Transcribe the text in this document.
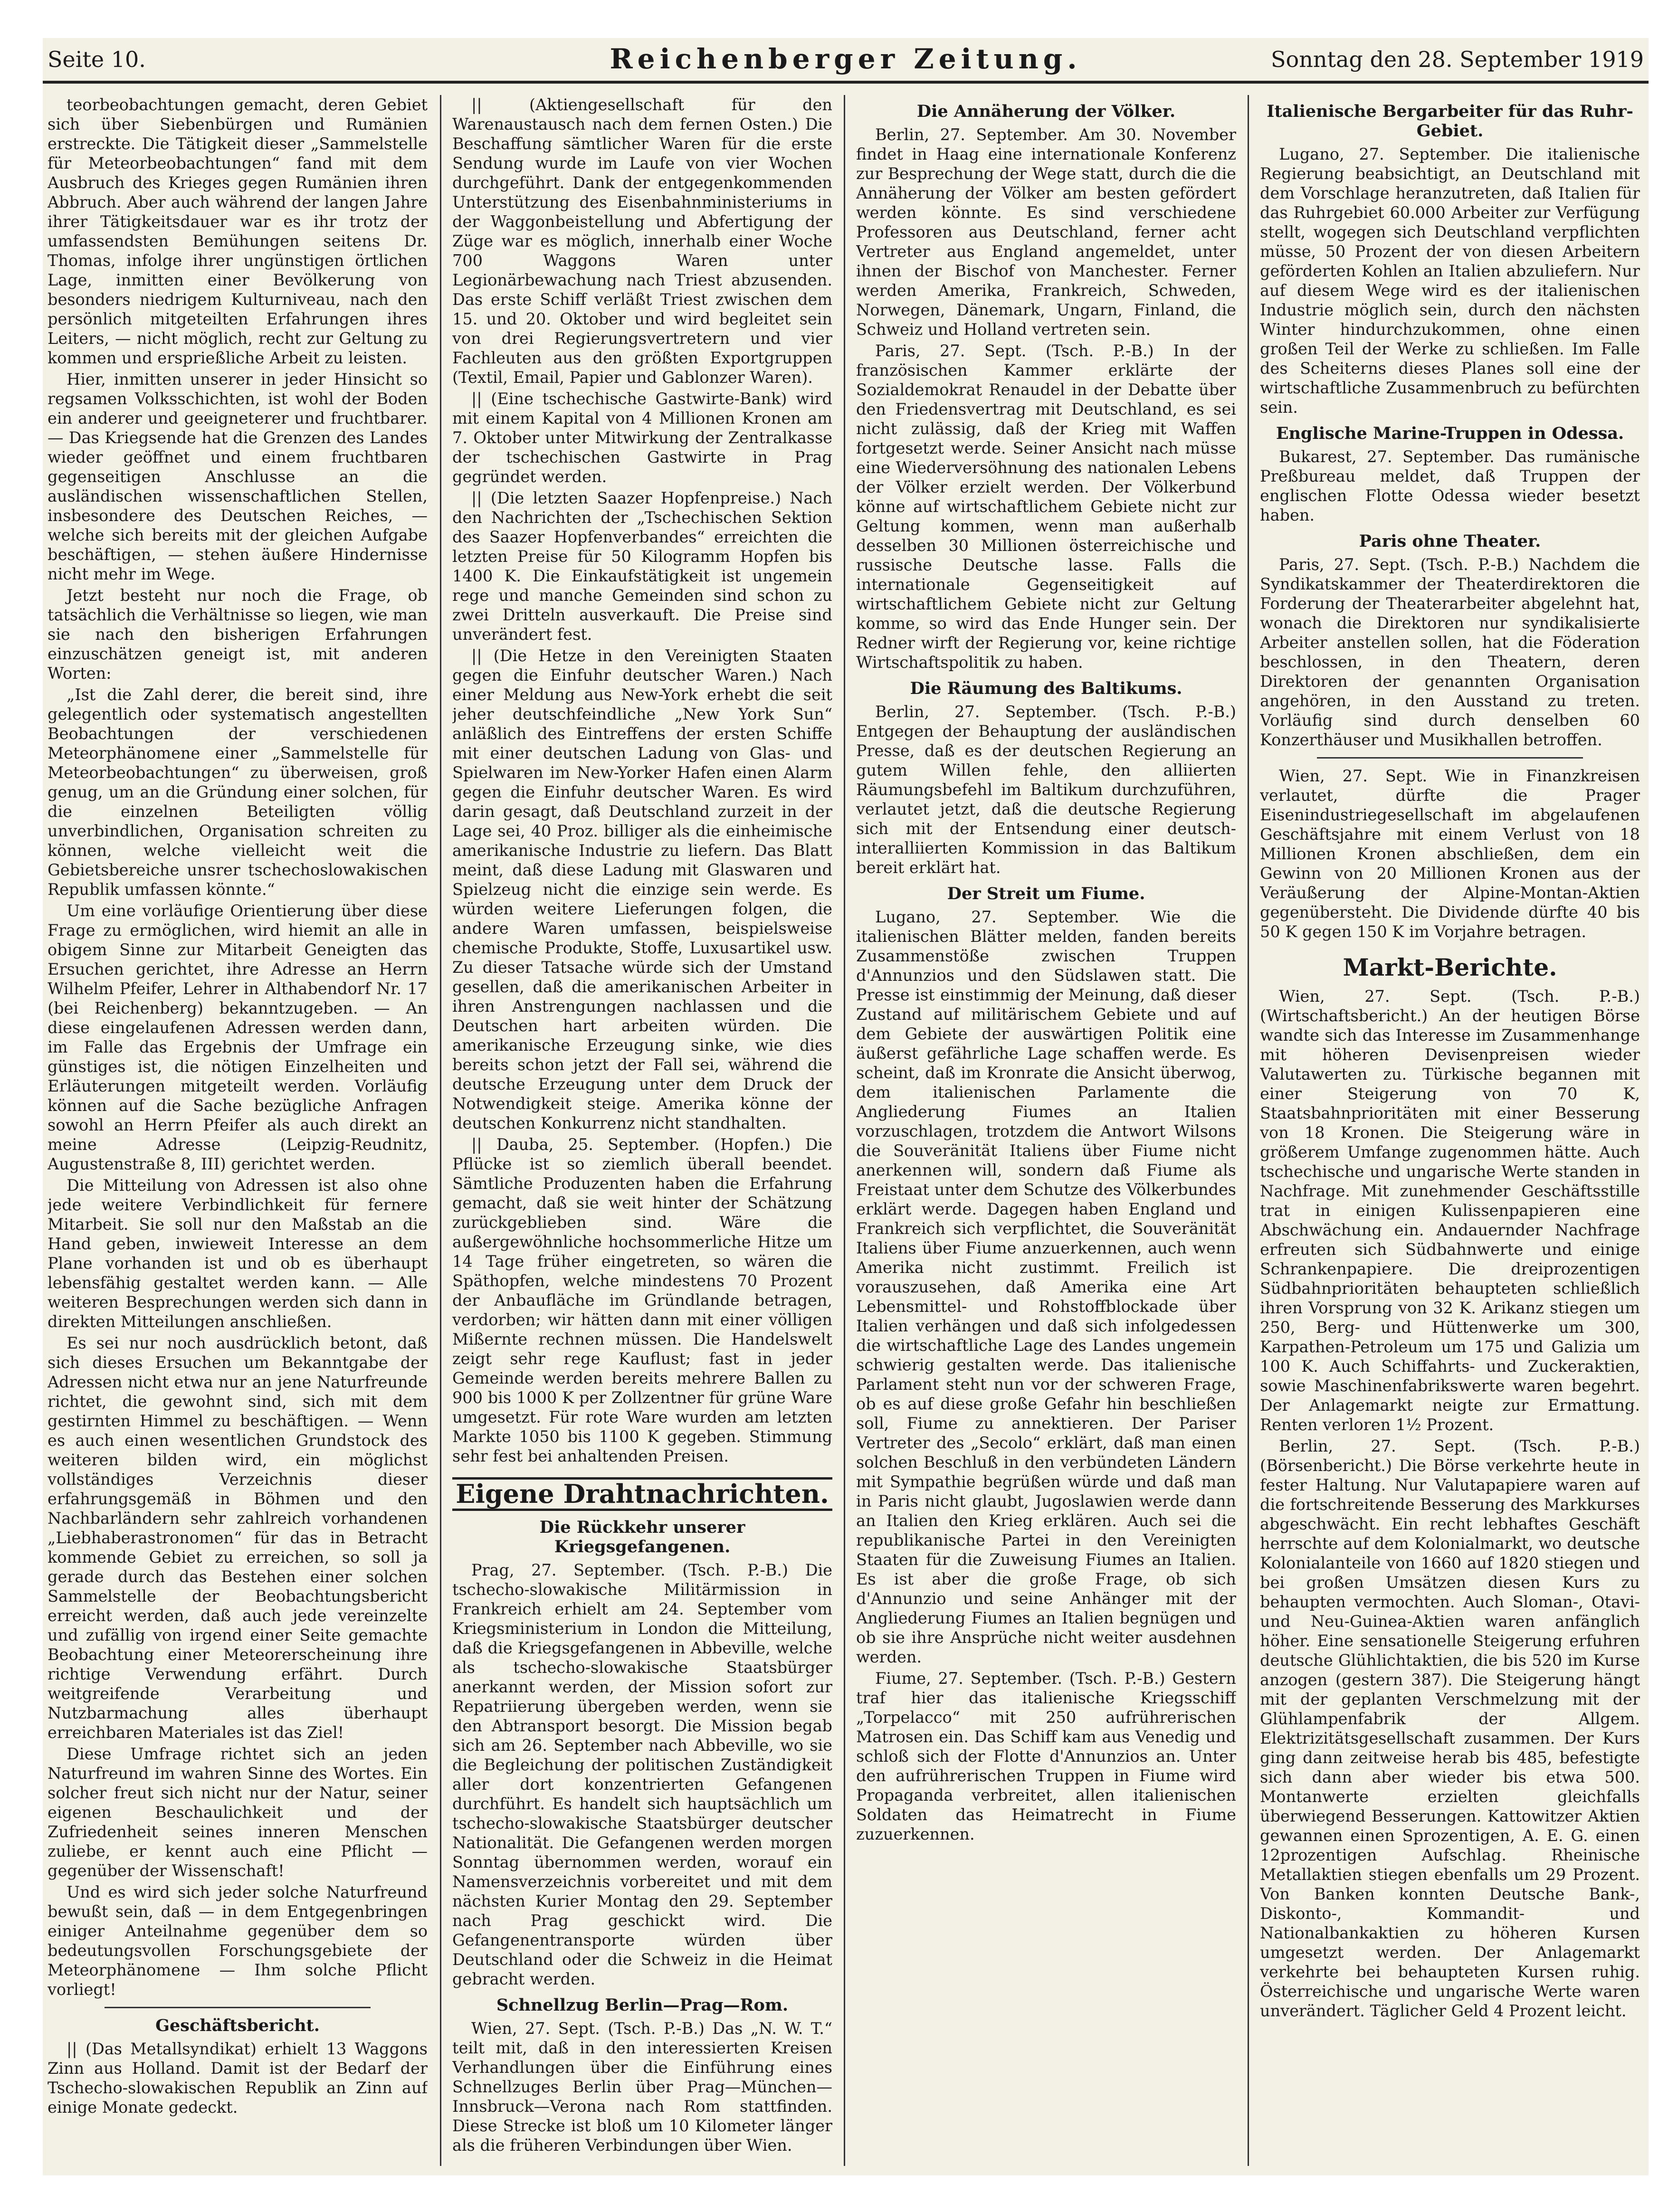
Seite 10.	Reichenberger Zeitung.	Sonntag den 28. September 1919

teorbeobachtungen gemacht, deren Gebiet sich über Siebenbürgen und Rumänien erstreckte. Die Tätigkeit dieser „Sammelstelle für Meteorbeobachtungen“ fand mit dem Ausbruch des Krieges gegen Rumänien ihren Abbruch. Aber auch während der langen Jahre ihrer Tätigkeitsdauer war es ihr trotz der umfassendsten Bemühungen seitens Dr. Thomas, infolge ihrer ungünstigen örtlichen Lage, inmitten einer Bevölkerung von besonders niedrigem Kulturniveau, nach den persönlich mitgeteilten Erfahrungen ihres Leiters, — nicht möglich, recht zur Geltung zu kommen und ersprießliche Arbeit zu leisten.

Hier, inmitten unserer in jeder Hinsicht so regsamen Volksschichten, ist wohl der Boden ein anderer und geeigneterer und fruchtbarer. — Das Kriegsende hat die Grenzen des Landes wieder geöffnet und einem fruchtbaren gegenseitigen Anschlusse an die ausländischen wissenschaftlichen Stellen, insbesondere des Deutschen Reiches, — welche sich bereits mit der gleichen Aufgabe beschäftigen, — stehen äußere Hindernisse nicht mehr im Wege.

Jetzt besteht nur noch die Frage, ob tatsächlich die Verhältnisse so liegen, wie man sie nach den bisherigen Erfahrungen einzuschätzen geneigt ist, mit anderen Worten:

„Ist die Zahl derer, die bereit sind, ihre gelegentlich oder systematisch angestellten Beobachtungen der verschiedenen Meteorphänomene einer „Sammelstelle für Meteorbeobachtungen“ zu überweisen, groß genug, um an die Gründung einer solchen, für die einzelnen Beteiligten völlig unverbindlichen, Organisation schreiten zu können, welche vielleicht weit die Gebietsbereiche unsrer tschechoslowakischen Republik umfassen könnte.“

Um eine vorläufige Orientierung über diese Frage zu ermöglichen, wird hiemit an alle in obigem Sinne zur Mitarbeit Geneigten das Ersuchen gerichtet, ihre Adresse an Herrn Wilhelm Pfeifer, Lehrer in Althabendorf Nr. 17 (bei Reichenberg) bekanntzugeben. — An diese eingelaufenen Adressen werden dann, im Falle das Ergebnis der Umfrage ein günstiges ist, die nötigen Einzelheiten und Erläuterungen mitgeteilt werden. Vorläufig können auf die Sache bezügliche Anfragen sowohl an Herrn Pfeifer als auch direkt an meine Adresse (Leipzig-Reudnitz, Augustenstraße 8, III) gerichtet werden.

Die Mitteilung von Adressen ist also ohne jede weitere Verbindlichkeit für fernere Mitarbeit. Sie soll nur den Maßstab an die Hand geben, inwieweit Interesse an dem Plane vorhanden ist und ob es überhaupt lebensfähig gestaltet werden kann. — Alle weiteren Besprechungen werden sich dann in direkten Mitteilungen anschließen.

Es sei nur noch ausdrücklich betont, daß sich dieses Ersuchen um Bekanntgabe der Adressen nicht etwa nur an jene Naturfreunde richtet, die gewohnt sind, sich mit dem gestirnten Himmel zu beschäftigen. — Wenn es auch einen wesentlichen Grundstock des weiteren bilden wird, ein möglichst vollständiges Verzeichnis dieser erfahrungsgemäß in Böhmen und den Nachbarländern sehr zahlreich vorhandenen „Liebhaberastronomen“ für das in Betracht kommende Gebiet zu erreichen, so soll ja gerade durch das Bestehen einer solchen Sammelstelle der Beobachtungsbericht erreicht werden, daß auch jede vereinzelte und zufällig von irgend einer Seite gemachte Beobachtung einer Meteorerscheinung ihre richtige Verwendung erfährt. Durch weitgreifende Verarbeitung und Nutzbarmachung alles überhaupt erreichbaren Materiales ist das Ziel!

Diese Umfrage richtet sich an jeden Naturfreund im wahren Sinne des Wortes. Ein solcher freut sich nicht nur der Natur, seiner eigenen Beschaulichkeit und der Zufriedenheit seines inneren Menschen zuliebe, er kennt auch eine Pflicht — gegenüber der Wissenschaft!

Und es wird sich jeder solche Naturfreund bewußt sein, daß — in dem Entgegenbringen einiger Anteilnahme gegenüber dem so bedeutungsvollen Forschungsgebiete der Meteorphänomene — Ihm solche Pflicht vorliegt!

Geschäftsbericht.

|| (Das Metallsyndikat) erhielt 13 Waggons Zinn aus Holland. Damit ist der Bedarf der Tschecho-slowakischen Republik an Zinn auf einige Monate gedeckt.

|| (Aktiengesellschaft für den Warenaustausch nach dem fernen Osten.) Die Beschaffung sämtlicher Waren für die erste Sendung wurde im Laufe von vier Wochen durchgeführt. Dank der entgegenkommenden Unterstützung des Eisenbahnministeriums in der Waggonbeistellung und Abfertigung der Züge war es möglich, innerhalb einer Woche 700 Waggons Waren unter Legionärbewachung nach Triest abzusenden. Das erste Schiff verläßt Triest zwischen dem 15. und 20. Oktober und wird begleitet sein von drei Regierungsvertretern und vier Fachleuten aus den größten Exportgruppen (Textil, Email, Papier und Gablonzer Waren).

|| (Eine tschechische Gastwirte-Bank) wird mit einem Kapital von 4 Millionen Kronen am 7. Oktober unter Mitwirkung der Zentralkasse der tschechischen Gastwirte in Prag gegründet werden.

|| (Die letzten Saazer Hopfenpreise.) Nach den Nachrichten der „Tschechischen Sektion des Saazer Hopfenverbandes“ erreichten die letzten Preise für 50 Kilogramm Hopfen bis 1400 K. Die Einkaufstätigkeit ist ungemein rege und manche Gemeinden sind schon zu zwei Dritteln ausverkauft. Die Preise sind unverändert fest.

|| (Die Hetze in den Vereinigten Staaten gegen die Einfuhr deutscher Waren.) Nach einer Meldung aus New-York erhebt die seit jeher deutschfeindliche „New York Sun“ anläßlich des Eintreffens der ersten Schiffe mit einer deutschen Ladung von Glas- und Spielwaren im New-Yorker Hafen einen Alarm gegen die Einfuhr deutscher Waren. Es wird darin gesagt, daß Deutschland zurzeit in der Lage sei, 40 Proz. billiger als die einheimische amerikanische Industrie zu liefern. Das Blatt meint, daß diese Ladung mit Glaswaren und Spielzeug nicht die einzige sein werde. Es würden weitere Lieferungen folgen, die andere Waren umfassen, beispielsweise chemische Produkte, Stoffe, Luxusartikel usw. Zu dieser Tatsache würde sich der Umstand gesellen, daß die amerikanischen Arbeiter in ihren Anstrengungen nachlassen und die Deutschen hart arbeiten würden. Die amerikanische Erzeugung sinke, wie dies bereits schon jetzt der Fall sei, während die deutsche Erzeugung unter dem Druck der Notwendigkeit steige. Amerika könne der deutschen Konkurrenz nicht standhalten.

|| Dauba, 25. September. (Hopfen.) Die Pflücke ist so ziemlich überall beendet. Sämtliche Produzenten haben die Erfahrung gemacht, daß sie weit hinter der Schätzung zurückgeblieben sind. Wäre die außergewöhnliche hochsommerliche Hitze um 14 Tage früher eingetreten, so wären die Späthopfen, welche mindestens 70 Prozent der Anbaufläche im Gründlande betragen, verdorben; wir hätten dann mit einer völligen Mißernte rechnen müssen. Die Handelswelt zeigt sehr rege Kauflust; fast in jeder Gemeinde werden bereits mehrere Ballen zu 900 bis 1000 K per Zollzentner für grüne Ware umgesetzt. Für rote Ware wurden am letzten Markte 1050 bis 1100 K gegeben. Stimmung sehr fest bei anhaltenden Preisen.

Eigene Drahtnachrichten.
Die Rückkehr unserer Kriegsgefangenen.

Prag, 27. September. (Tsch. P.-B.) Die tschecho-slowakische Militärmission in Frankreich erhielt am 24. September vom Kriegsministerium in London die Mitteilung, daß die Kriegsgefangenen in Abbeville, welche als tschecho-slowakische Staatsbürger anerkannt werden, der Mission sofort zur Repatriierung übergeben werden, wenn sie den Abtransport besorgt. Die Mission begab sich am 26. September nach Abbeville, wo sie die Begleichung der politischen Zuständigkeit aller dort konzentrierten Gefangenen durchführt. Es handelt sich hauptsächlich um tschecho-slowakische Staatsbürger deutscher Nationalität. Die Gefangenen werden morgen Sonntag übernommen werden, worauf ein Namensverzeichnis vorbereitet und mit dem nächsten Kurier Montag den 29. September nach Prag geschickt wird. Die Gefangenentransporte würden über Deutschland oder die Schweiz in die Heimat gebracht werden.

Schnellzug Berlin—Prag—Rom.

Wien, 27. Sept. (Tsch. P.-B.) Das „N. W. T.“ teilt mit, daß in den interessierten Kreisen Verhandlungen über die Einführung eines Schnellzuges Berlin über Prag—München—Innsbruck—Verona nach Rom stattfinden. Diese Strecke ist bloß um 10 Kilometer länger als die früheren Verbindungen über Wien.

Die Annäherung der Völker.

Berlin, 27. September. Am 30. November findet in Haag eine internationale Konferenz zur Besprechung der Wege statt, durch die die Annäherung der Völker am besten gefördert werden könnte. Es sind verschiedene Professoren aus Deutschland, ferner acht Vertreter aus England angemeldet, unter ihnen der Bischof von Manchester. Ferner werden Amerika, Frankreich, Schweden, Norwegen, Dänemark, Ungarn, Finland, die Schweiz und Holland vertreten sein.

Paris, 27. Sept. (Tsch. P.-B.) In der französischen Kammer erklärte der Sozialdemokrat Renaudel in der Debatte über den Friedensvertrag mit Deutschland, es sei nicht zulässig, daß der Krieg mit Waffen fortgesetzt werde. Seiner Ansicht nach müsse eine Wiederversöhnung des nationalen Lebens der Völker erzielt werden. Der Völkerbund könne auf wirtschaftlichem Gebiete nicht zur Geltung kommen, wenn man außerhalb desselben 30 Millionen österreichische und russische Deutsche lasse. Falls die internationale Gegenseitigkeit auf wirtschaftlichem Gebiete nicht zur Geltung komme, so wird das Ende Hunger sein. Der Redner wirft der Regierung vor, keine richtige Wirtschaftspolitik zu haben.

Die Räumung des Baltikums.

Berlin, 27. September. (Tsch. P.-B.) Entgegen der Behauptung der ausländischen Presse, daß es der deutschen Regierung an gutem Willen fehle, den alliierten Räumungsbefehl im Baltikum durchzuführen, verlautet jetzt, daß die deutsche Regierung sich mit der Entsendung einer deutsch-interalliierten Kommission in das Baltikum bereit erklärt hat.

Der Streit um Fiume.

Lugano, 27. September. Wie die italienischen Blätter melden, fanden bereits Zusammenstöße zwischen Truppen d'Annunzios und den Südslawen statt. Die Presse ist einstimmig der Meinung, daß dieser Zustand auf militärischem Gebiete und auf dem Gebiete der auswärtigen Politik eine äußerst gefährliche Lage schaffen werde. Es scheint, daß im Kronrate die Ansicht überwog, dem italienischen Parlamente die Angliederung Fiumes an Italien vorzuschlagen, trotzdem die Antwort Wilsons die Souveränität Italiens über Fiume nicht anerkennen will, sondern daß Fiume als Freistaat unter dem Schutze des Völkerbundes erklärt werde. Dagegen haben England und Frankreich sich verpflichtet, die Souveränität Italiens über Fiume anzuerkennen, auch wenn Amerika nicht zustimmt. Freilich ist vorauszusehen, daß Amerika eine Art Lebensmittel- und Rohstoffblockade über Italien verhängen und daß sich infolgedessen die wirtschaftliche Lage des Landes ungemein schwierig gestalten werde. Das italienische Parlament steht nun vor der schweren Frage, ob es auf diese große Gefahr hin beschließen soll, Fiume zu annektieren. Der Pariser Vertreter des „Secolo“ erklärt, daß man einen solchen Beschluß in den verbündeten Ländern mit Sympathie begrüßen würde und daß man in Paris nicht glaubt, Jugoslawien werde dann an Italien den Krieg erklären. Auch sei die republikanische Partei in den Vereinigten Staaten für die Zuweisung Fiumes an Italien. Es ist aber die große Frage, ob sich d'Annunzio und seine Anhänger mit der Angliederung Fiumes an Italien begnügen und ob sie ihre Ansprüche nicht weiter ausdehnen werden.

Fiume, 27. September. (Tsch. P.-B.) Gestern traf hier das italienische Kriegsschiff „Torpelacco“ mit 250 aufrührerischen Matrosen ein. Das Schiff kam aus Venedig und schloß sich der Flotte d'Annunzios an. Unter den aufrührerischen Truppen in Fiume wird Propaganda verbreitet, allen italienischen Soldaten das Heimatrecht in Fiume zuzuerkennen.

Italienische Bergarbeiter für das Ruhr-Gebiet.

Lugano, 27. September. Die italienische Regierung beabsichtigt, an Deutschland mit dem Vorschlage heranzutreten, daß Italien für das Ruhrgebiet 60.000 Arbeiter zur Verfügung stellt, wogegen sich Deutschland verpflichten müsse, 50 Prozent der von diesen Arbeitern geförderten Kohlen an Italien abzuliefern. Nur auf diesem Wege wird es der italienischen Industrie möglich sein, durch den nächsten Winter hindurchzukommen, ohne einen großen Teil der Werke zu schließen. Im Falle des Scheiterns dieses Planes soll eine der wirtschaftliche Zusammenbruch zu befürchten sein.

Englische Marine-Truppen in Odessa.

Bukarest, 27. September. Das rumänische Preßbureau meldet, daß Truppen der englischen Flotte Odessa wieder besetzt haben.

Paris ohne Theater.

Paris, 27. Sept. (Tsch. P.-B.) Nachdem die Syndikatskammer der Theaterdirektoren die Forderung der Theaterarbeiter abgelehnt hat, wonach die Direktoren nur syndikalisierte Arbeiter anstellen sollen, hat die Föderation beschlossen, in den Theatern, deren Direktoren der genannten Organisation angehören, in den Ausstand zu treten. Vorläufig sind durch denselben 60 Konzerthäuser und Musikhallen betroffen.

Wien, 27. Sept. Wie in Finanzkreisen verlautet, dürfte die Prager Eisenindustriegesellschaft im abgelaufenen Geschäftsjahre mit einem Verlust von 18 Millionen Kronen abschließen, dem ein Gewinn von 20 Millionen Kronen aus der Veräußerung der Alpine-Montan-Aktien gegenübersteht. Die Dividende dürfte 40 bis 50 K gegen 150 K im Vorjahre betragen.

Markt-Berichte.

Wien, 27. Sept. (Tsch. P.-B.) (Wirtschaftsbericht.) An der heutigen Börse wandte sich das Interesse im Zusammenhange mit höheren Devisenpreisen wieder Valutawerten zu. Türkische begannen mit einer Steigerung von 70 K, Staatsbahnprioritäten mit einer Besserung von 18 Kronen. Die Steigerung wäre in größerem Umfange zugenommen hätte. Auch tschechische und ungarische Werte standen in Nachfrage. Mit zunehmender Geschäftsstille trat in einigen Kulissenpapieren eine Abschwächung ein. Andauernder Nachfrage erfreuten sich Südbahnwerte und einige Schrankenpapiere. Die dreiprozentigen Südbahnprioritäten behaupteten schließlich ihren Vorsprung von 32 K. Arikanz stiegen um 250, Berg- und Hüttenwerke um 300, Karpathen-Petroleum um 175 und Galizia um 100 K. Auch Schiffahrts- und Zuckeraktien, sowie Maschinenfabrikswerte waren begehrt. Der Anlagemarkt neigte zur Ermattung. Renten verloren 1½ Prozent.

Berlin, 27. Sept. (Tsch. P.-B.) (Börsenbericht.) Die Börse verkehrte heute in fester Haltung. Nur Valutapapiere waren auf die fortschreitende Besserung des Markkurses abgeschwächt. Ein recht lebhaftes Geschäft herrschte auf dem Kolonialmarkt, wo deutsche Kolonialanteile von 1660 auf 1820 stiegen und bei großen Umsätzen diesen Kurs zu behaupten vermochten. Auch Sloman-, Otavi- und Neu-Guinea-Aktien waren anfänglich höher. Eine sensationelle Steigerung erfuhren deutsche Glühlichtaktien, die bis 520 im Kurse anzogen (gestern 387). Die Steigerung hängt mit der geplanten Verschmelzung mit der Glühlampenfabrik der Allgem. Elektrizitätsgesellschaft zusammen. Der Kurs ging dann zeitweise herab bis 485, befestigte sich dann aber wieder bis etwa 500. Montanwerte erzielten gleichfalls überwiegend Besserungen. Kattowitzer Aktien gewannen einen Sprozentigen, A. E. G. einen 12prozentigen Aufschlag. Rheinische Metallaktien stiegen ebenfalls um 29 Prozent. Von Banken konnten Deutsche Bank-, Diskonto-, Kommandit- und Nationalbankaktien zu höheren Kursen umgesetzt werden. Der Anlagemarkt verkehrte bei behaupteten Kursen ruhig. Österreichische und ungarische Werte waren unverändert. Täglicher Geld 4 Prozent leicht.
